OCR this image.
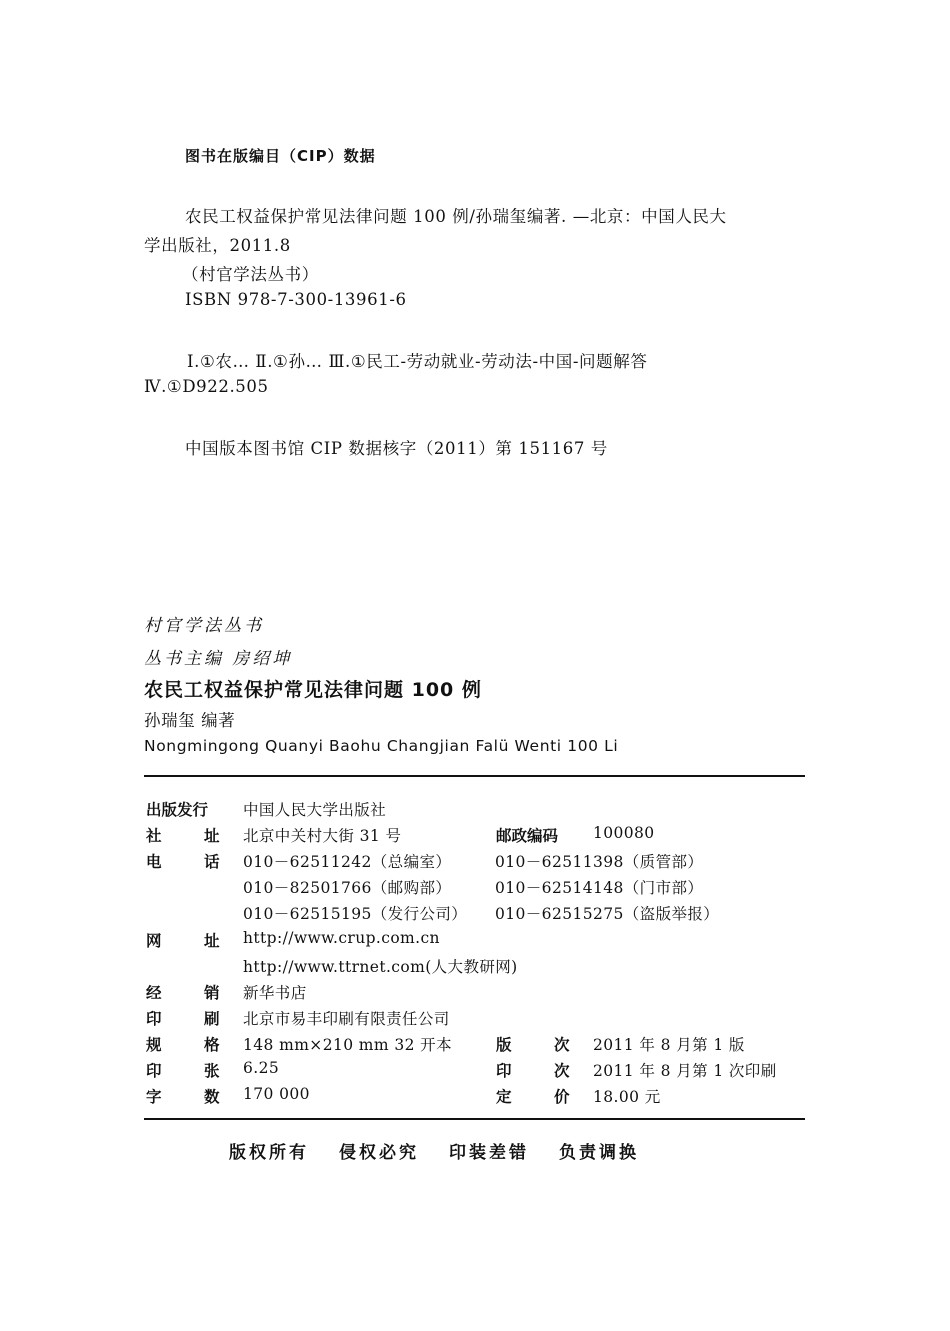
图书在版编目（CIP）数据
农民工权益保护常见法律问题 100 例/孙瑞玺编著. —北京：中国人民大
学出版社，2011.8
（村官学法丛书）
ISBN 978-7-300-13961-6
Ⅰ.①农… Ⅱ.①孙… Ⅲ.①民工-劳动就业-劳动法-中国-问题解答
Ⅳ.①D922.505
中国版本图书馆 CIP 数据核字（2011）第 151167 号
村官学法丛书
丛书主编 房绍坤
农民工权益保护常见法律问题 100 例
孙瑞玺 编著
Nongmingong Quanyi Baohu Changjian Falü Wenti 100 Li
出版发行 中国人民大学出版社
社	址 北京中关村大街 31 号	邮政编码 100080
电	话 010－62511242（总编室）	010－62511398（质管部）
010－82501766（邮购部）	010－62514148（门市部）
010－62515195（发行公司） 010－62515275（盗版举报）
网	址 http://www.crup.com.cn
http://www.ttrnet.com(人大教研网)
经	销 新华书店
印	刷 北京市易丰印刷有限责任公司
规	格 148 mm×210 mm 32 开本	版	次 2011 年 8 月第 1 版
印	张 6.25	印	次 2011 年 8 月第 1 次印刷
字	数 170 000	定	价 18.00 元
版权所有 侵权必究 印装差错 负责调换
